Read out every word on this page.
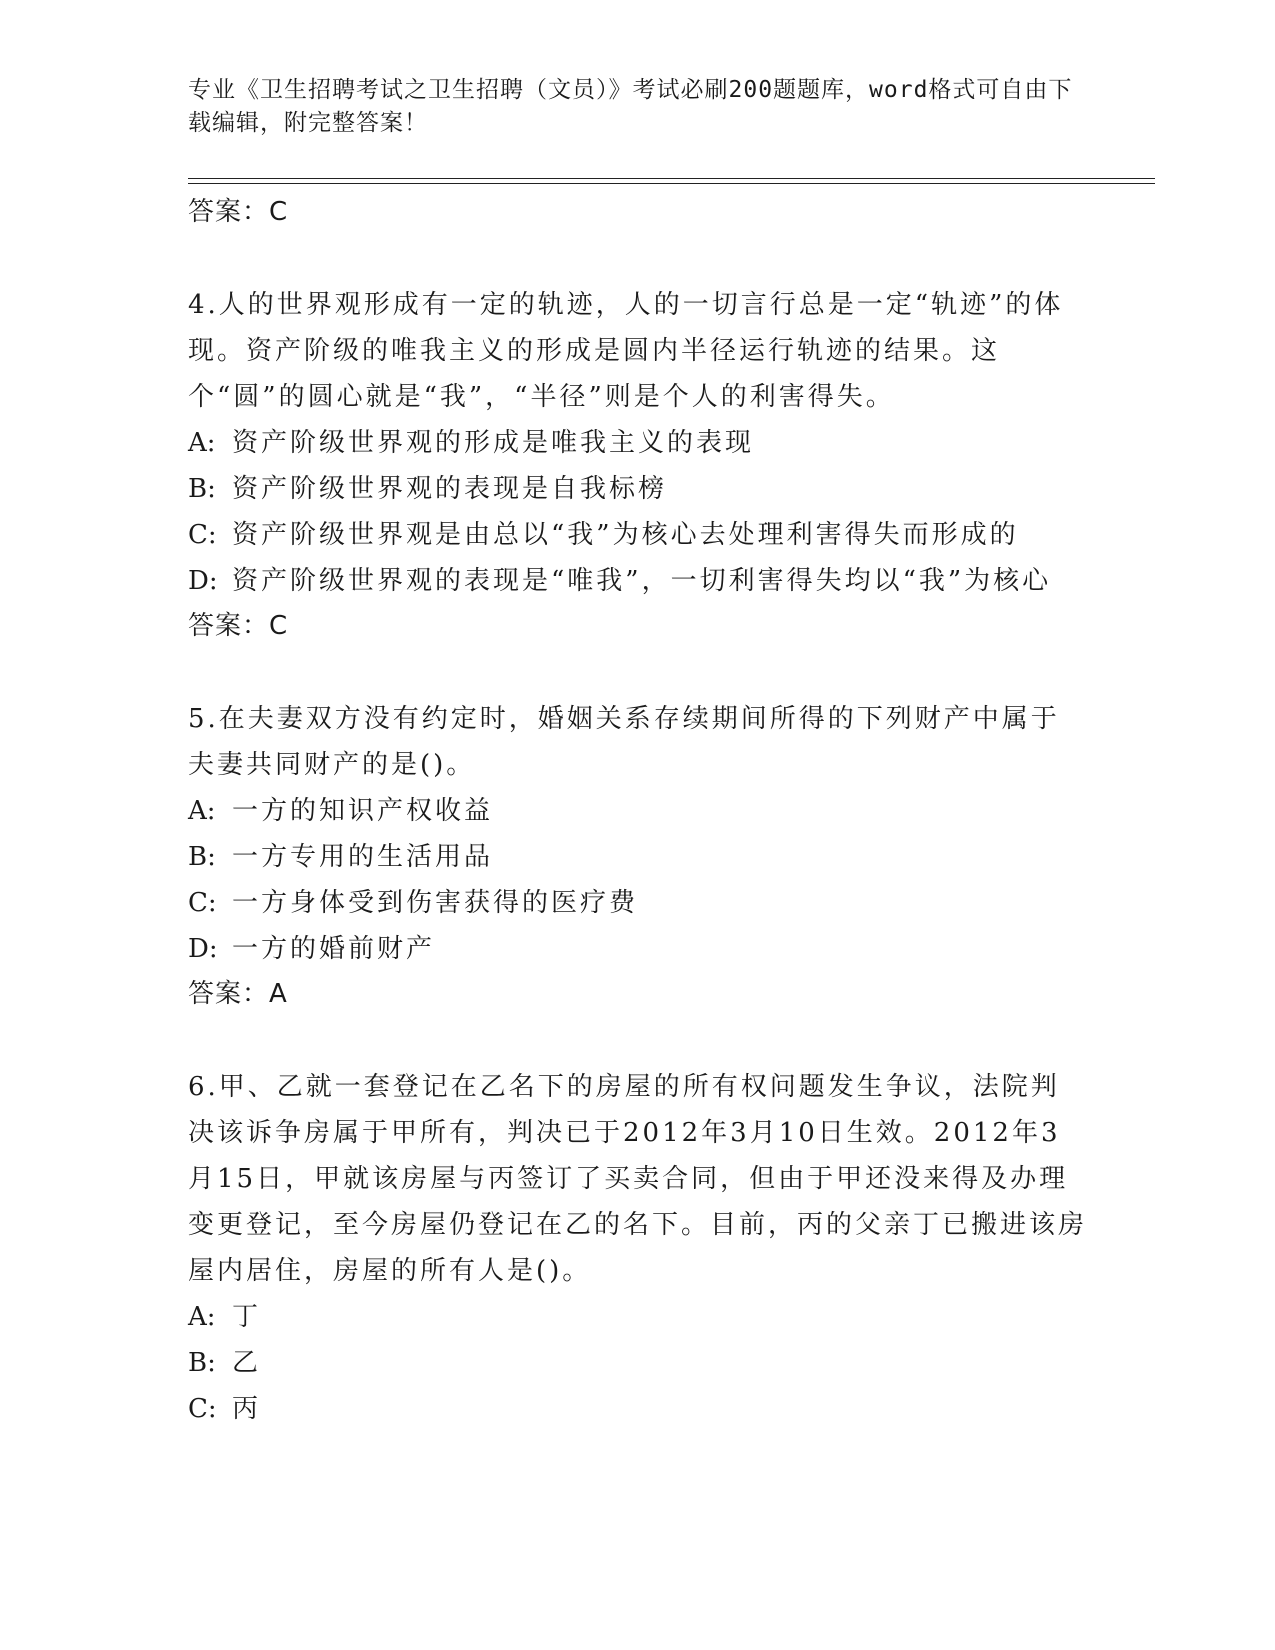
专业《卫生招聘考试之卫生招聘（文员）》考试必刷200题题库，word格式可自由下载编辑，附完整答案！
答案：C
4.人的世界观形成有一定的轨迹，人的一切言行总是一定“轨迹”的体现。资产阶级的唯我主义的形成是圆内半径运行轨迹的结果。这个“圆”的圆心就是“我”，“半径”则是个人的利害得失。
A: 资产阶级世界观的形成是唯我主义的表现
B: 资产阶级世界观的表现是自我标榜
C: 资产阶级世界观是由总以“我”为核心去处理利害得失而形成的
D: 资产阶级世界观的表现是“唯我”，一切利害得失均以“我”为核心
答案：C
5.在夫妻双方没有约定时，婚姻关系存续期间所得的下列财产中属于夫妻共同财产的是()。
A: 一方的知识产权收益
B: 一方专用的生活用品
C: 一方身体受到伤害获得的医疗费
D: 一方的婚前财产
答案：A
6.甲、乙就一套登记在乙名下的房屋的所有权问题发生争议，法院判决该诉争房属于甲所有，判决已于2012年3月10日生效。2012年3月15日，甲就该房屋与丙签订了买卖合同，但由于甲还没来得及办理变更登记，至今房屋仍登记在乙的名下。目前，丙的父亲丁已搬进该房屋内居住，房屋的所有人是()。
A: 丁
B: 乙
C: 丙
